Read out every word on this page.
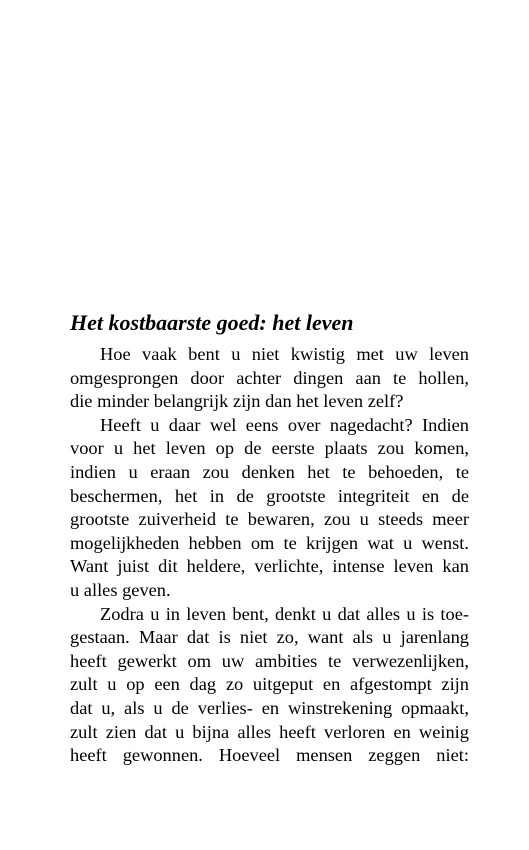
Het kostbaarste goed: het leven

Hoe vaak bent u niet kwistig met uw leven
omgesprongen door achter dingen aan te hollen,
die minder belangrijk zijn dan het leven zelf?

Heeft u daar wel eens over nagedacht? Indien
voor u het leven op de eerste plaats zou komen,
indien u eraan zou denken het te behoeden, te
beschermen, het in de grootste integriteit en de
grootste zuiverheid te bewaren, zou u steeds meer
mogelijkheden hebben om te krijgen wat u wenst.
Want juist dit heldere, verlichte, intense leven kan
u alles geven.

Zodra u in leven bent, denkt u dat alles u is toe-
gestaan. Maar dat is niet zo, want als u jarenlang
heeft gewerkt om uw ambities te verwezenlijken,
zult u op een dag zo uitgeput en afgestompt zijn
dat u, als u de verlies- en winstrekening opmaakt,
zult zien dat u bijna alles heeft verloren en weinig
heeft gewonnen. Hoeveel mensen zeggen niet:
